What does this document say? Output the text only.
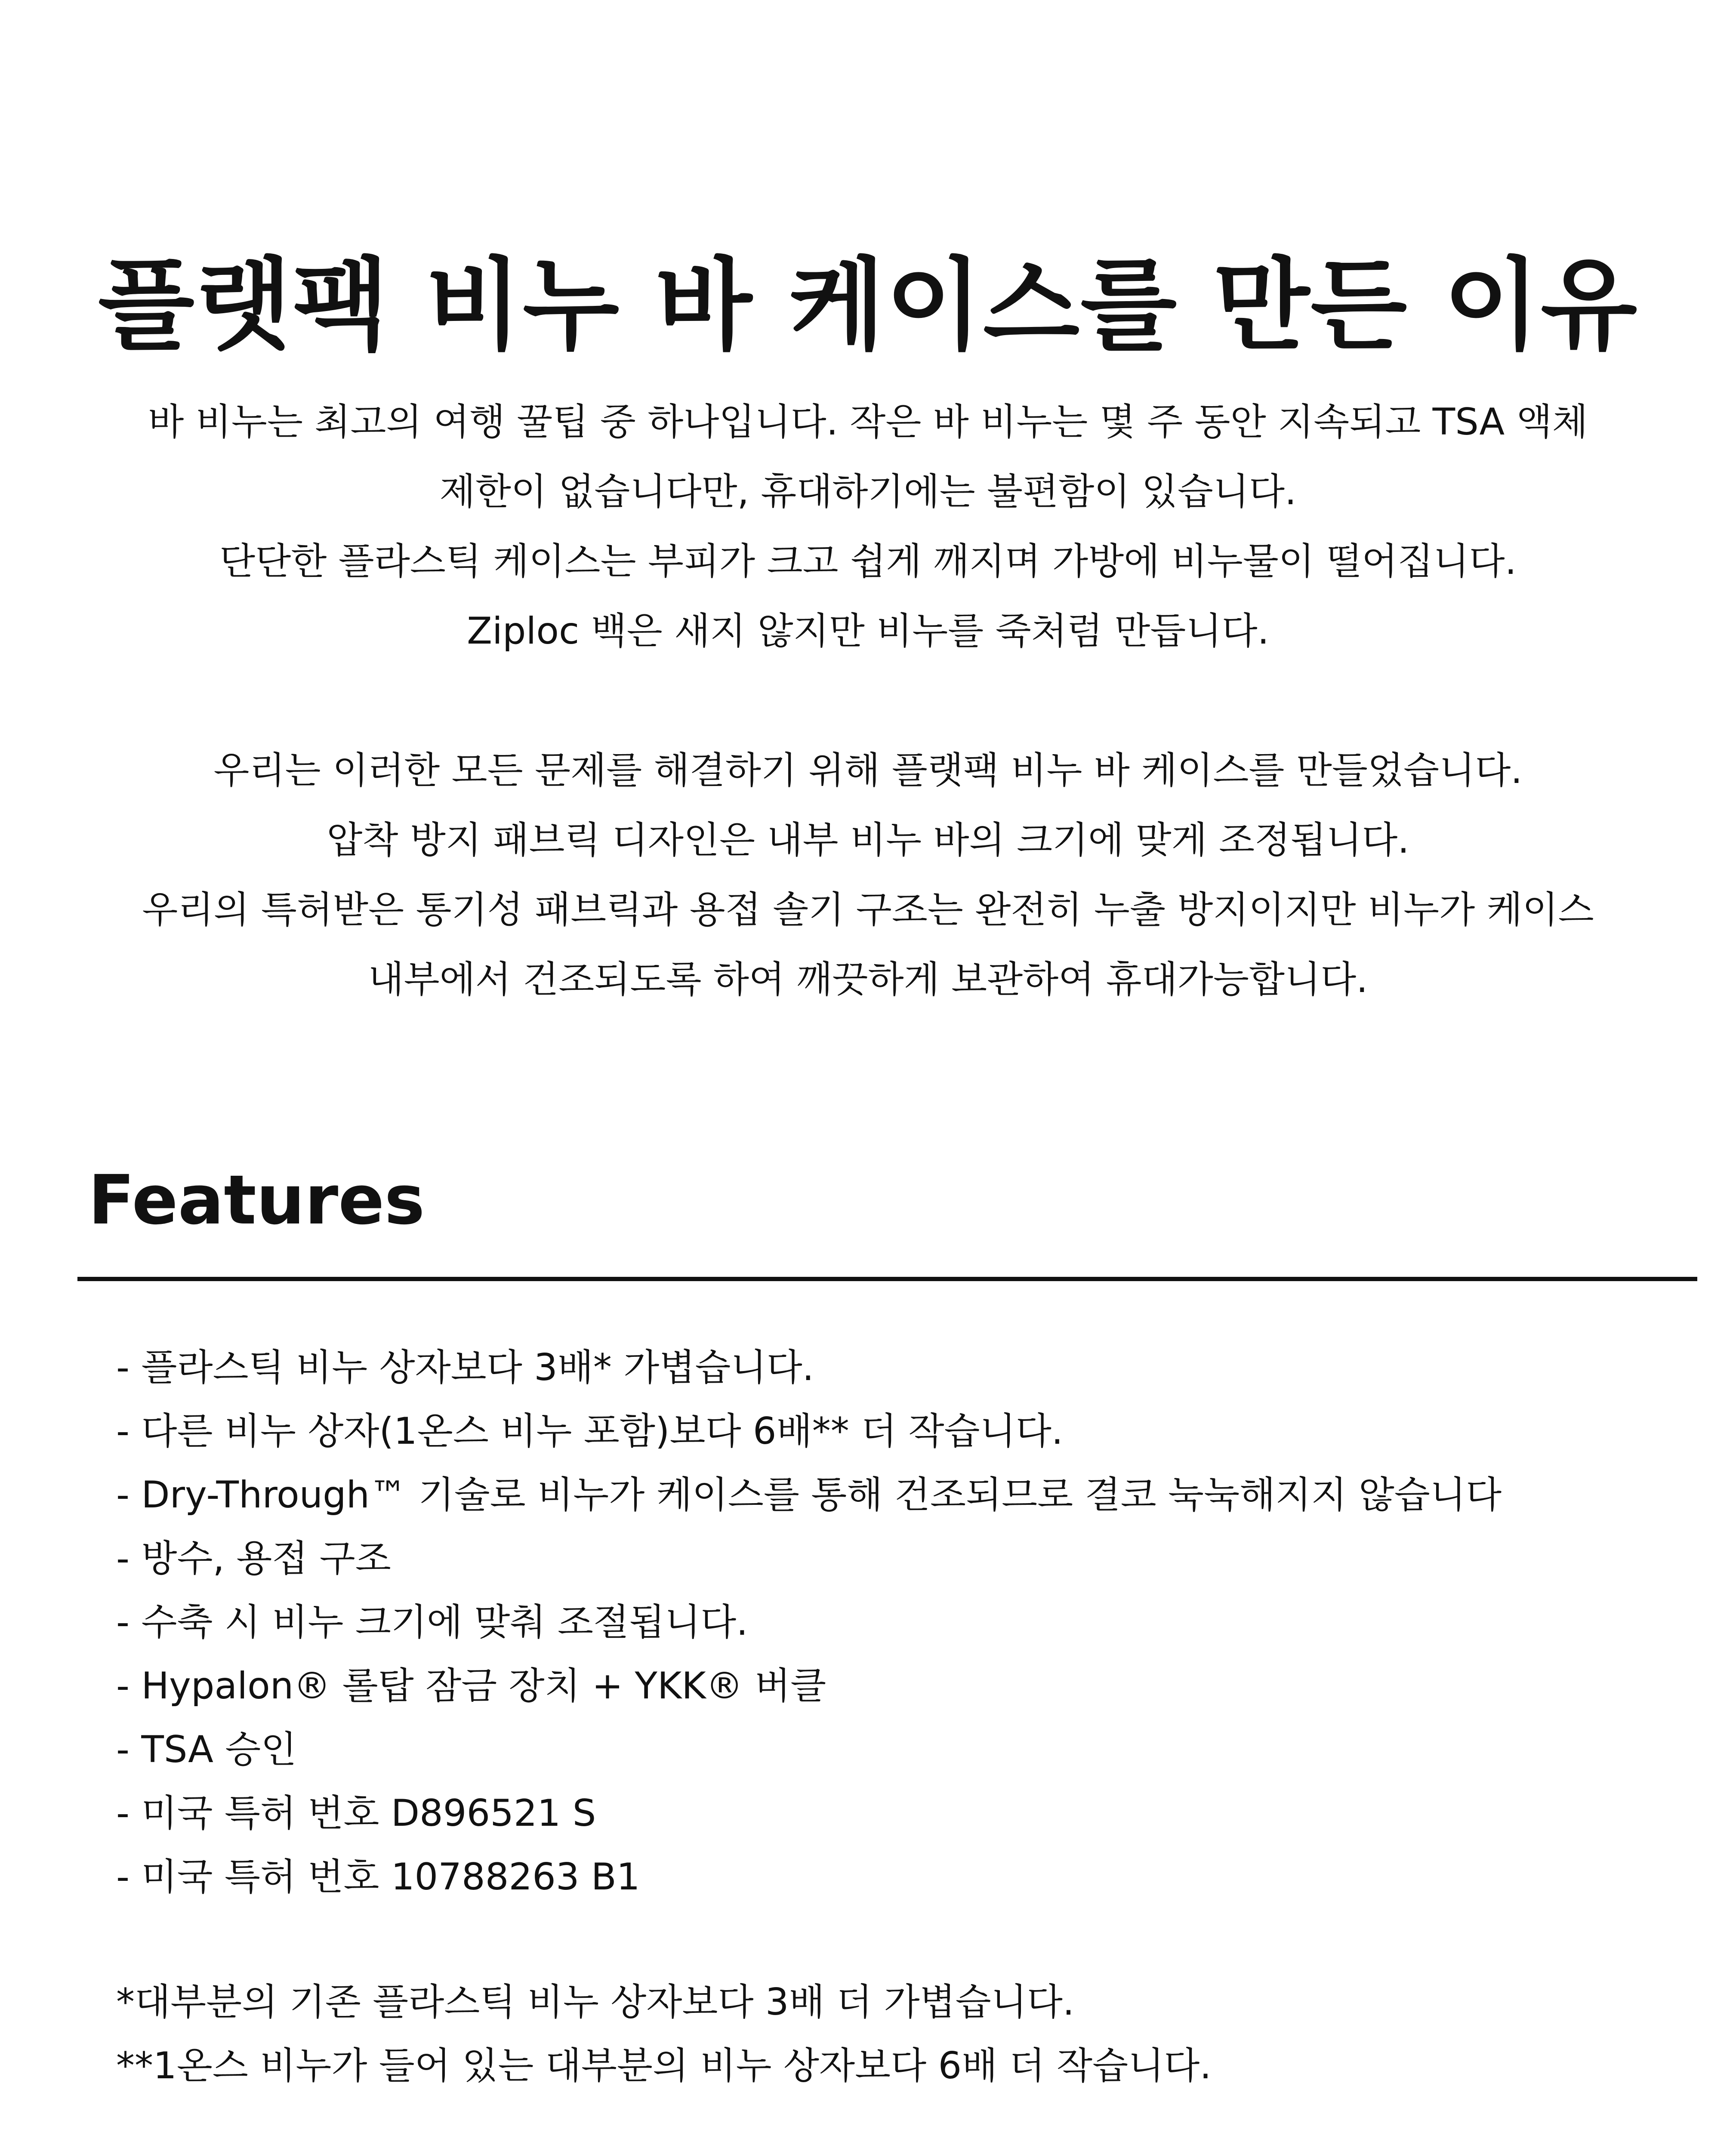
플랫팩 비누 바 케이스를 만든 이유

바 비누는 최고의 여행 꿀팁 중 하나입니다. 작은 바 비누는 몇 주 동안 지속되고 TSA 액체
제한이 없습니다만, 휴대하기에는 불편함이 있습니다.
단단한 플라스틱 케이스는 부피가 크고 쉽게 깨지며 가방에 비누물이 떨어집니다.
Ziploc 백은 새지 않지만 비누를 죽처럼 만듭니다.

우리는 이러한 모든 문제를 해결하기 위해 플랫팩 비누 바 케이스를 만들었습니다.
압착 방지 패브릭 디자인은 내부 비누 바의 크기에 맞게 조정됩니다.
우리의 특허받은 통기성 패브릭과 용접 솔기 구조는 완전히 누출 방지이지만 비누가 케이스
내부에서 건조되도록 하여 깨끗하게 보관하여 휴대가능합니다.

Features
- 플라스틱 비누 상자보다 3배* 가볍습니다.
- 다른 비누 상자(1온스 비누 포함)보다 6배** 더 작습니다.
- Dry-Through™ 기술로 비누가 케이스를 통해 건조되므로 결코 눅눅해지지 않습니다
- 방수, 용접 구조
- 수축 시 비누 크기에 맞춰 조절됩니다.
- Hypalon® 롤탑 잠금 장치 + YKK® 버클
- TSA 승인
- 미국 특허 번호 D896521 S
- 미국 특허 번호 10788263 B1
*대부분의 기존 플라스틱 비누 상자보다 3배 더 가볍습니다.
**1온스 비누가 들어 있는 대부분의 비누 상자보다 6배 더 작습니다.
